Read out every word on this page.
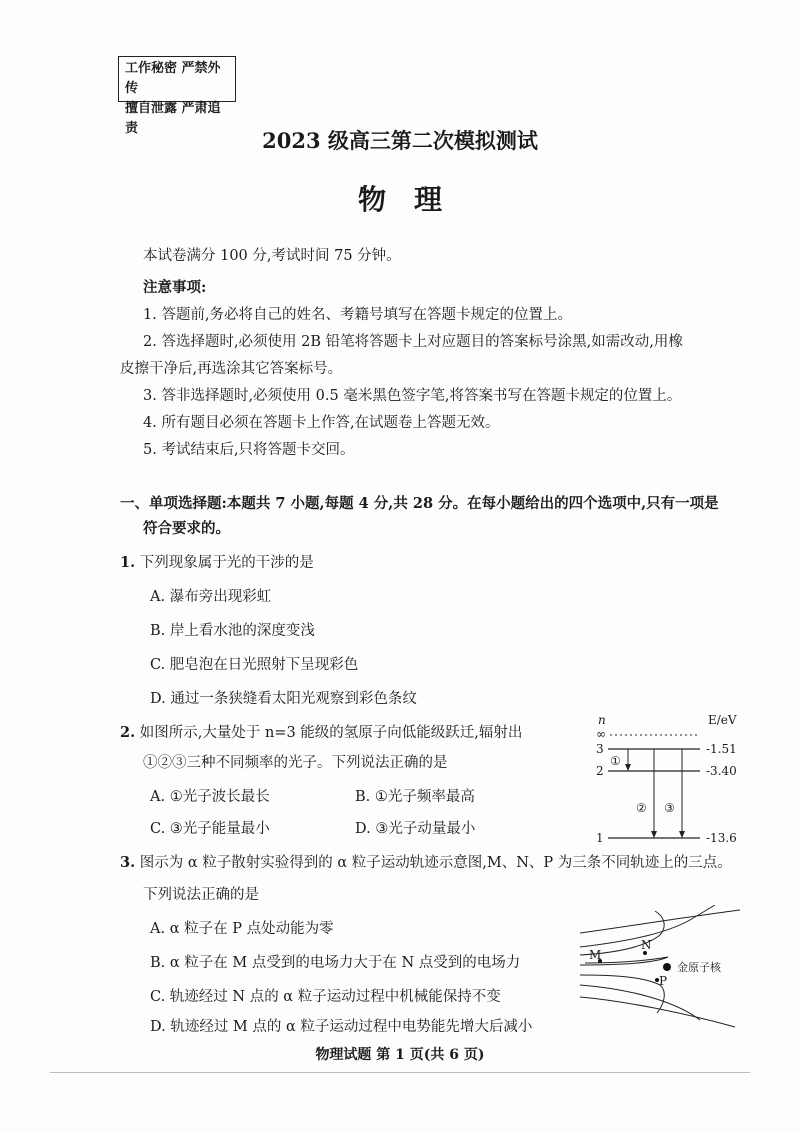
工作秘密 严禁外传
擅自泄露 严肃追责	2023 级高三第二次模拟测试
物理
本试卷满分 100 分,考试时间 75 分钟。
注意事项:
1. 答题前,务必将自己的姓名、考籍号填写在答题卡规定的位置上。
2. 答选择题时,必须使用 2B 铅笔将答题卡上对应题目的答案标号涂黑,如需改动,用橡
皮擦干净后,再选涂其它答案标号。
3. 答非选择题时,必须使用 0.5 毫米黑色签字笔,将答案书写在答题卡规定的位置上。
4. 所有题目必须在答题卡上作答,在试题卷上答题无效。
5. 考试结束后,只将答题卡交回。
一、单项选择题:本题共 7 小题,每题 4 分,共 28 分。在每小题给出的四个选项中,只有一项是
符合要求的。
1. 下列现象属于光的干涉的是
A. 瀑布旁出现彩虹
B. 岸上看水池的深度变浅
C. 肥皂泡在日光照射下呈现彩色
D. 通过一条狭缝看太阳光观察到彩色条纹
2. 如图所示,大量处于 n=3 能级的氢原子向低能级跃迁,辐射出
①②③三种不同频率的光子。下列说法正确的是
A. ①光子波长最长	B. ①光子频率最高
C. ③光子能量最小	D. ③光子动量最小
n	E/eV
∞
3	-1.51
2	-3.40
1	-13.6
①
② ③
3. 图示为 α 粒子散射实验得到的 α 粒子运动轨迹示意图,M、N、P 为三条不同轨迹上的三点。
下列说法正确的是
A. α 粒子在 P 点处动能为零
B. α 粒子在 M 点受到的电场力大于在 N 点受到的电场力
C. 轨迹经过 N 点的 α 粒子运动过程中机械能保持不变
D. 轨迹经过 M 点的 α 粒子运动过程中电势能先增大后减小
M
N
P
金原子核
物理试题 第 1 页(共 6 页)
